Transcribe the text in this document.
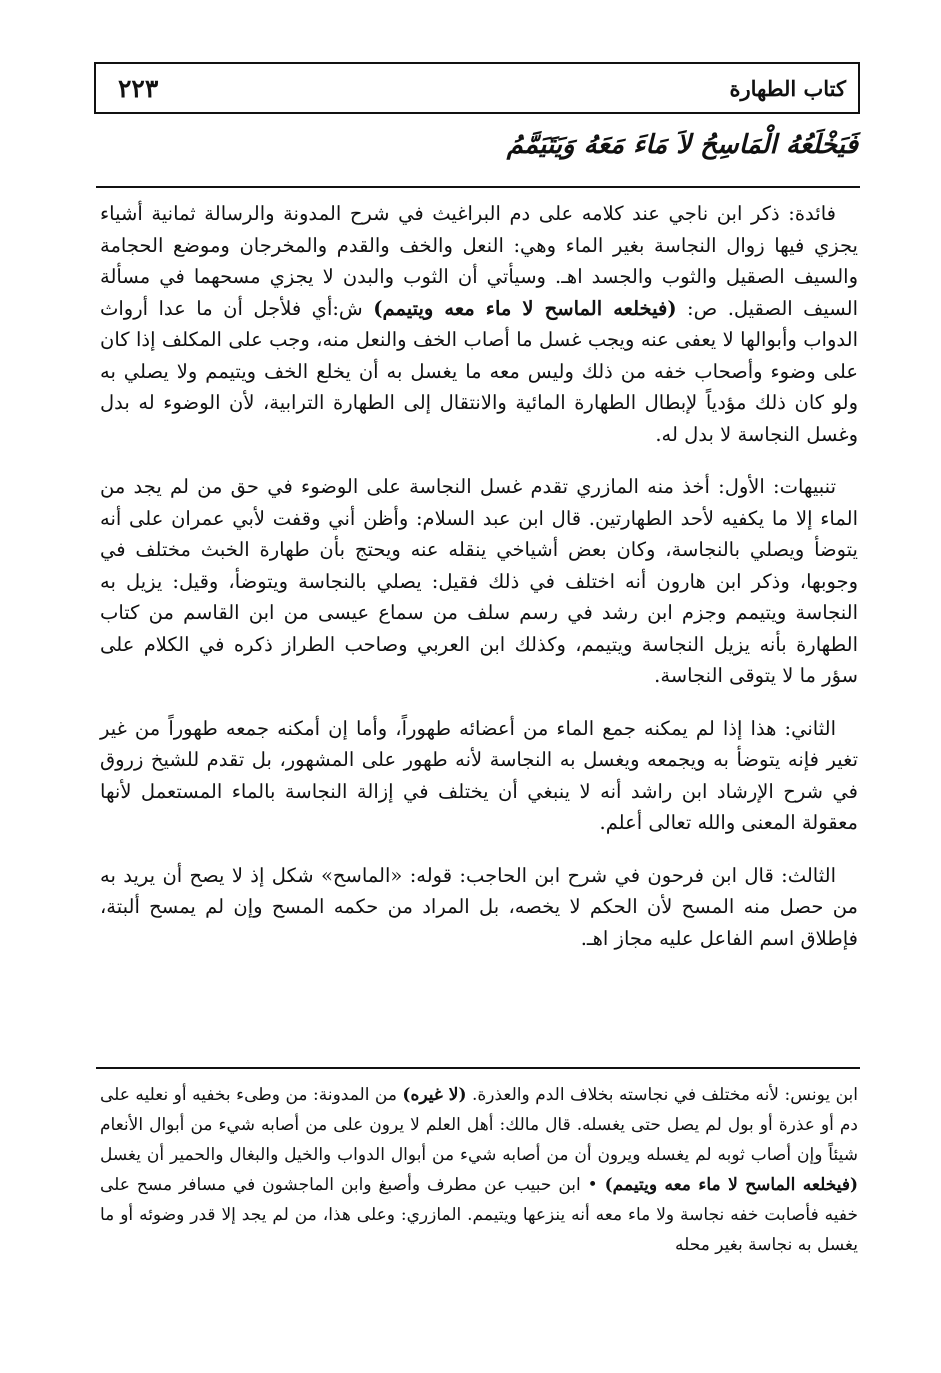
كتاب الطهارة
٢٢٣
فَيَخْلَعُهُ الْمَاسِحُ لاَ مَاءَ مَعَهُ وَيَتَيَمَّمُ

فائدة: ذكر ابن ناجي عند كلامه على دم البراغيث في شرح المدونة والرسالة ثمانية أشياء يجزي فيها زوال النجاسة بغير الماء وهي: النعل والخف والقدم والمخرجان وموضع الحجامة والسيف الصقيل والثوب والجسد اهـ. وسيأتي أن الثوب والبدن لا يجزي مسحهما في مسألة السيف الصقيل. ص: (فيخلعه الماسح لا ماء معه ويتيمم) ش:أي فلأجل أن ما عدا أرواث الدواب وأبوالها لا يعفى عنه ويجب غسل ما أصاب الخف والنعل منه، وجب على المكلف إذا كان على وضوء وأصحاب خفه من ذلك وليس معه ما يغسل به أن يخلع الخف ويتيمم ولا يصلي به ولو كان ذلك مؤدياً لإبطال الطهارة المائية والانتقال إلى الطهارة الترابية، لأن الوضوء له بدل وغسل النجاسة لا بدل له.

تنبيهات: الأول: أخذ منه المازري تقدم غسل النجاسة على الوضوء في حق من لم يجد من الماء إلا ما يكفيه لأحد الطهارتين. قال ابن عبد السلام: وأظن أني وقفت لأبي عمران على أنه يتوضأ ويصلي بالنجاسة، وكان بعض أشياخي ينقله عنه ويحتج بأن طهارة الخبث مختلف في وجوبها، وذكر ابن هارون أنه اختلف في ذلك فقيل: يصلي بالنجاسة ويتوضأ، وقيل: يزيل به النجاسة ويتيمم وجزم ابن رشد في رسم سلف من سماع عيسى من ابن القاسم من كتاب الطهارة بأنه يزيل النجاسة ويتيمم، وكذلك ابن العربي وصاحب الطراز ذكره في الكلام على سؤر ما لا يتوقى النجاسة.

الثاني: هذا إذا لم يمكنه جمع الماء من أعضائه طهوراً، وأما إن أمكنه جمعه طهوراً من غير تغير فإنه يتوضأ به ويجمعه ويغسل به النجاسة لأنه طهور على المشهور، بل تقدم للشيخ زروق في شرح الإرشاد ابن راشد أنه لا ينبغي أن يختلف في إزالة النجاسة بالماء المستعمل لأنها معقولة المعنى والله تعالى أعلم.

الثالث: قال ابن فرحون في شرح ابن الحاجب: قوله: «الماسح» شكل إذ لا يصح أن يريد به من حصل منه المسح لأن الحكم لا يخصه، بل المراد من حكمه المسح وإن لم يمسح ألبتة، فإطلاق اسم الفاعل عليه مجاز اهـ.

ابن يونس: لأنه مختلف في نجاسته بخلاف الدم والعذرة. (لا غيره) من المدونة: من وطىء بخفيه أو نعليه على دم أو عذرة أو بول لم يصل حتى يغسله. قال مالك: أهل العلم لا يرون على من أصابه شيء من أبوال الأنعام شيئاً وإن أصاب ثوبه لم يغسله ويرون أن من أصابه شيء من أبوال الدواب والخيل والبغال والحمير أن يغسل (فيخلعه الماسح لا ماء معه ويتيمم) • ابن حبيب عن مطرف وأصبغ وابن الماجشون في مسافر مسح على خفيه فأصابت خفه نجاسة ولا ماء معه أنه ينزعها ويتيمم. المازري: وعلى هذا، من لم يجد إلا قدر وضوئه أو ما يغسل به نجاسة بغير محله
